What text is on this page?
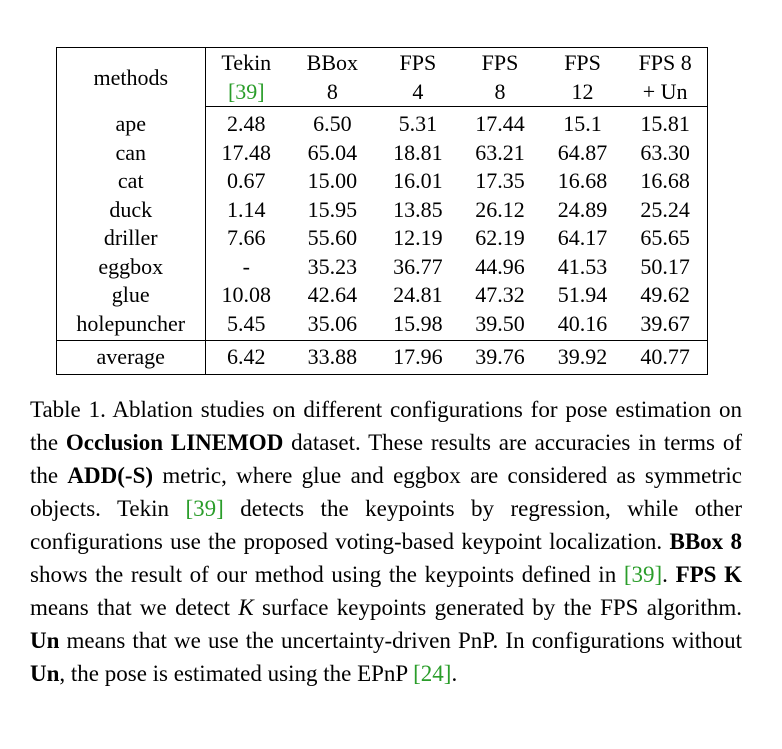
methods	Tekin	BBox	FPS	FPS	FPS	FPS 8
	[39]	8	4	8	12	+ Un
ape	2.48	6.50	5.31	17.44	15.1	15.81
can	17.48	65.04	18.81	63.21	64.87	63.30
cat	0.67	15.00	16.01	17.35	16.68	16.68
duck	1.14	15.95	13.85	26.12	24.89	25.24
driller	7.66	55.60	12.19	62.19	64.17	65.65
eggbox	-	35.23	36.77	44.96	41.53	50.17
glue	10.08	42.64	24.81	47.32	51.94	49.62
holepuncher	5.45	35.06	15.98	39.50	40.16	39.67
average	6.42	33.88	17.96	39.76	39.92	40.77
Table 1. Ablation studies on different configurations for pose estimation on the Occlusion LINEMOD dataset. These results are accuracies in terms of the ADD(-S) metric, where glue and eggbox are considered as symmetric objects. Tekin [39] detects the keypoints by regression, while other configurations use the proposed voting-based keypoint localization. BBox 8 shows the result of our method using the keypoints defined in [39]. FPS K means that we detect K surface keypoints generated by the FPS algorithm. Un means that we use the uncertainty-driven PnP. In configurations without Un, the pose is estimated using the EPnP [24].
